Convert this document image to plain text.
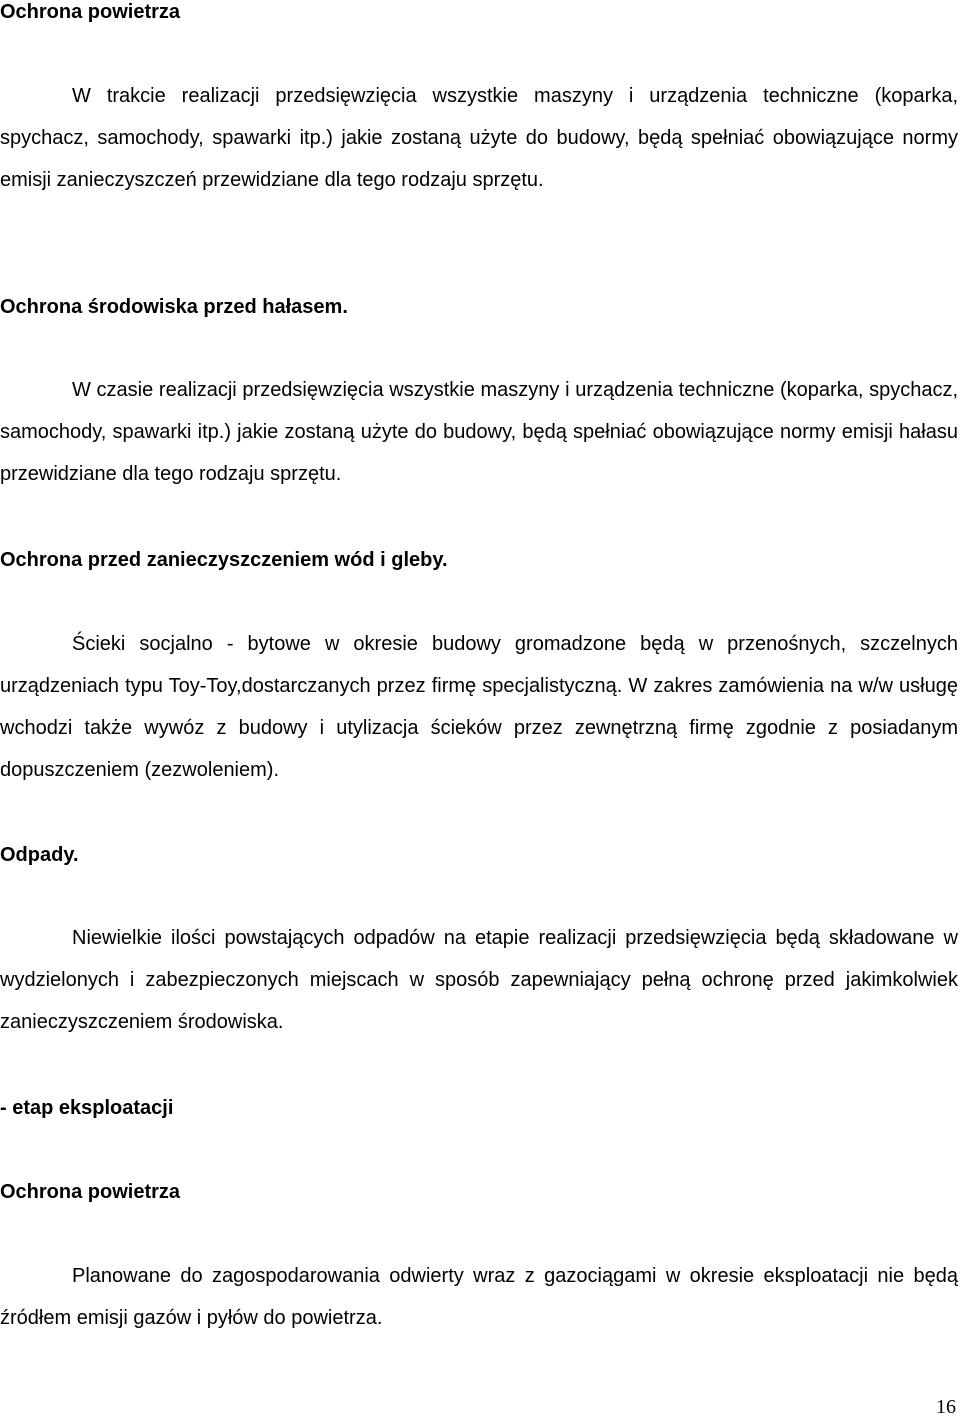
Ochrona powietrza

W trakcie realizacji przedsięwzięcia wszystkie maszyny i urządzenia techniczne (koparka, spychacz, samochody, spawarki itp.) jakie zostaną użyte do budowy, będą spełniać obowiązujące normy emisji zanieczyszczeń przewidziane dla tego rodzaju sprzętu.

Ochrona środowiska przed hałasem.

W czasie realizacji przedsięwzięcia wszystkie maszyny i urządzenia techniczne (koparka, spychacz, samochody, spawarki itp.) jakie zostaną użyte do budowy, będą spełniać obowiązujące normy emisji hałasu przewidziane dla tego rodzaju sprzętu.

Ochrona przed zanieczyszczeniem wód i gleby.

Ścieki socjalno - bytowe w okresie budowy gromadzone będą w przenośnych, szczelnych urządzeniach typu Toy-Toy,dostarczanych przez firmę specjalistyczną. W zakres zamówienia na w/w usługę wchodzi także wywóz z budowy i utylizacja ścieków przez zewnętrzną firmę zgodnie z posiadanym dopuszczeniem (zezwoleniem).

Odpady.

Niewielkie ilości powstających odpadów na etapie realizacji przedsięwzięcia będą składowane w wydzielonych i zabezpieczonych miejscach w sposób zapewniający pełną ochronę przed jakimkolwiek zanieczyszczeniem środowiska.

- etap eksploatacji
Ochrona powietrza

Planowane do zagospodarowania odwierty wraz z gazociągami w okresie eksploatacji nie będą źródłem emisji gazów i pyłów do powietrza.

16
